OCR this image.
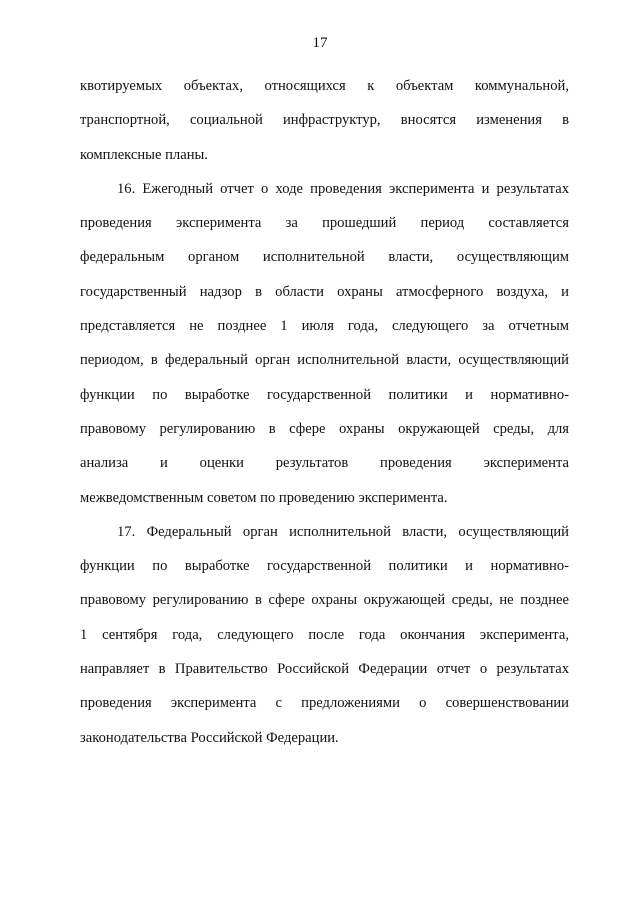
17

квотируемых объектах, относящихся к объектам коммунальной,
транспортной, социальной инфраструктур, вносятся изменения в
комплексные планы.

16. Ежегодный отчет о ходе проведения эксперимента и результатах
проведения эксперимента за прошедший период составляется
федеральным органом исполнительной власти, осуществляющим
государственный надзор в области охраны атмосферного воздуха, и
представляется не позднее 1 июля года, следующего за отчетным
периодом, в федеральный орган исполнительной власти, осуществляющий
функции по выработке государственной политики и нормативно-
правовому регулированию в сфере охраны окружающей среды, для
анализа и оценки результатов проведения эксперимента
межведомственным советом по проведению эксперимента.

17. Федеральный орган исполнительной власти, осуществляющий
функции по выработке государственной политики и нормативно-
правовому регулированию в сфере охраны окружающей среды, не позднее
1 сентября года, следующего после года окончания эксперимента,
направляет в Правительство Российской Федерации отчет о результатах
проведения эксперимента с предложениями о совершенствовании
законодательства Российской Федерации.
